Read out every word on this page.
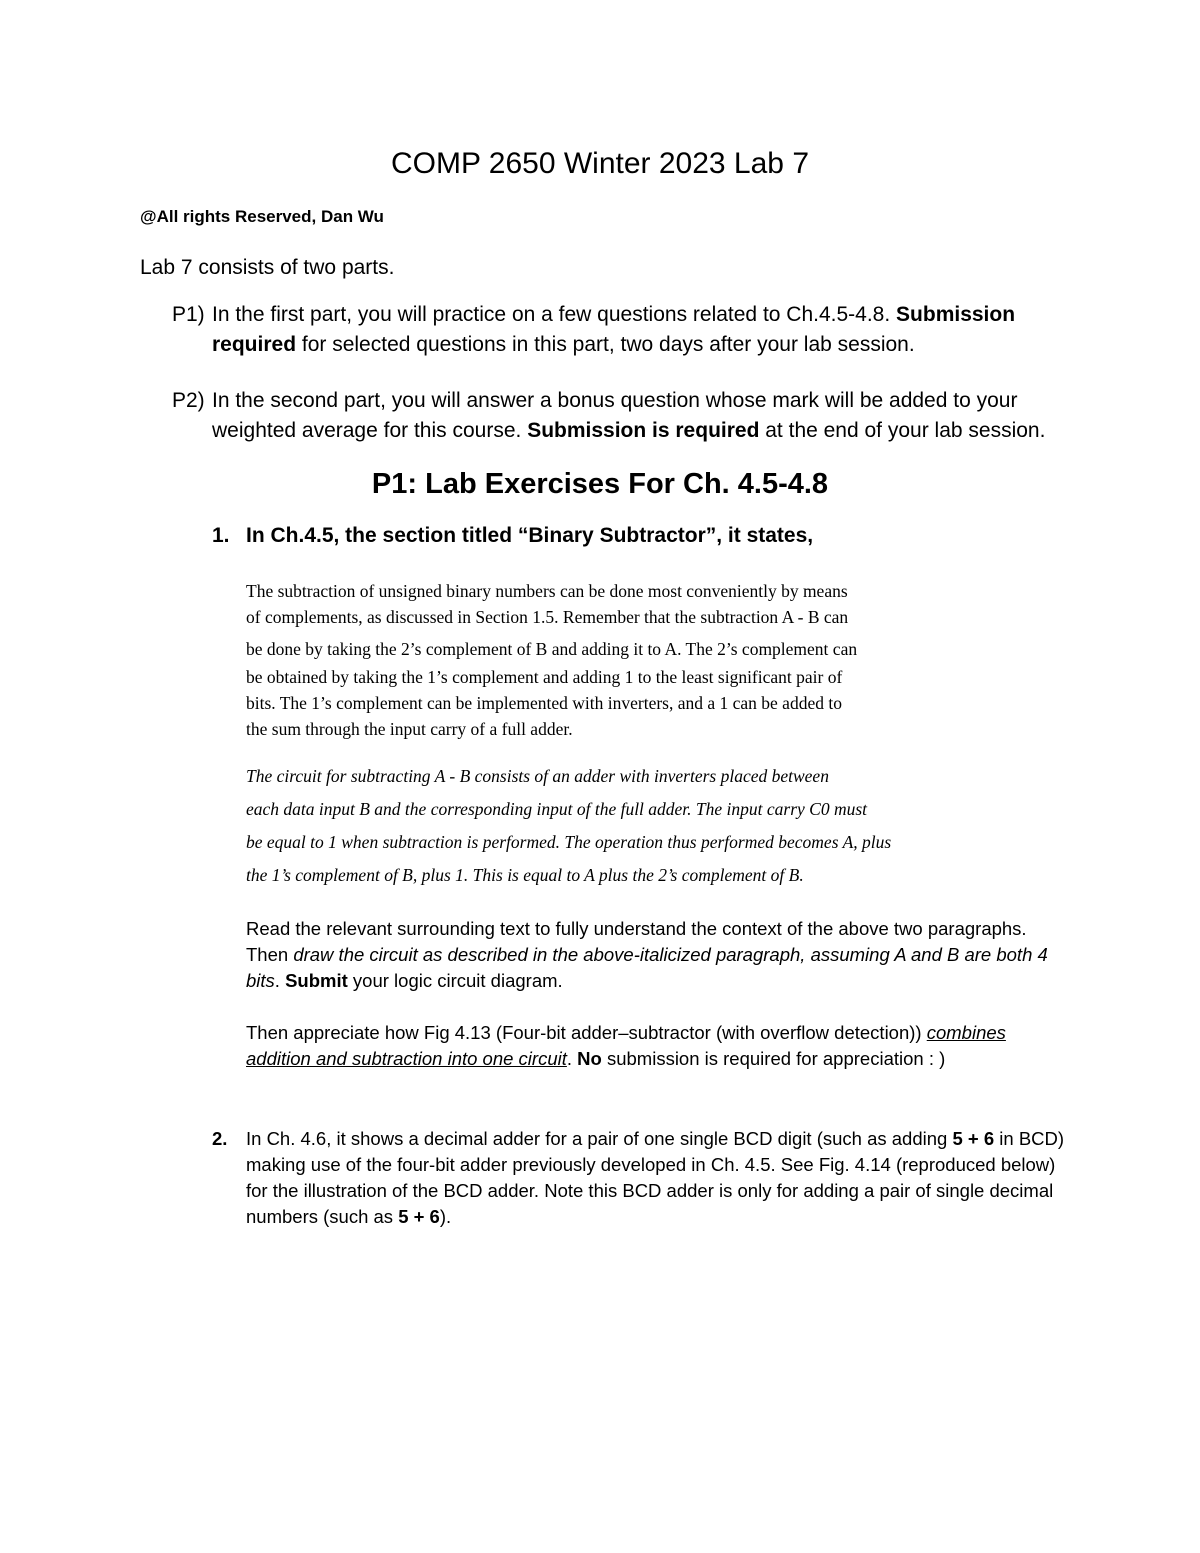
COMP 2650 Winter 2023 Lab 7
@All rights Reserved, Dan Wu
Lab 7 consists of two parts.
P1) In the first part, you will practice on a few questions related to Ch.4.5-4.8. Submission
required for selected questions in this part, two days after your lab session.
P2) In the second part, you will answer a bonus question whose mark will be added to your
weighted average for this course. Submission is required at the end of your lab session.
P1: Lab Exercises For Ch. 4.5-4.8
1. In Ch.4.5, the section titled “Binary Subtractor”, it states,
The subtraction of unsigned binary numbers can be done most conveniently by means
of complements, as discussed in Section 1.5. Remember that the subtraction A - B can
be done by taking the 2’s complement of B and adding it to A. The 2’s complement can
be obtained by taking the 1’s complement and adding 1 to the least significant pair of
bits. The 1’s complement can be implemented with inverters, and a 1 can be added to
the sum through the input carry of a full adder.
The circuit for subtracting A - B consists of an adder with inverters placed between
each data input B and the corresponding input of the full adder. The input carry C0 must
be equal to 1 when subtraction is performed. The operation thus performed becomes A, plus
the 1’s complement of B, plus 1. This is equal to A plus the 2’s complement of B.
Read the relevant surrounding text to fully understand the context of the above two paragraphs. Then draw the circuit as described in the above-italicized paragraph, assuming A and B are both 4 bits. Submit your logic circuit diagram.
Then appreciate how Fig 4.13 (Four-bit adder–subtractor (with overflow detection)) combines addition and subtraction into one circuit. No submission is required for appreciation : )
2. In Ch. 4.6, it shows a decimal adder for a pair of one single BCD digit (such as adding 5 + 6 in BCD) making use of the four-bit adder previously developed in Ch. 4.5. See Fig. 4.14 (reproduced below) for the illustration of the BCD adder. Note this BCD adder is only for adding a pair of single decimal numbers (such as 5 + 6).
